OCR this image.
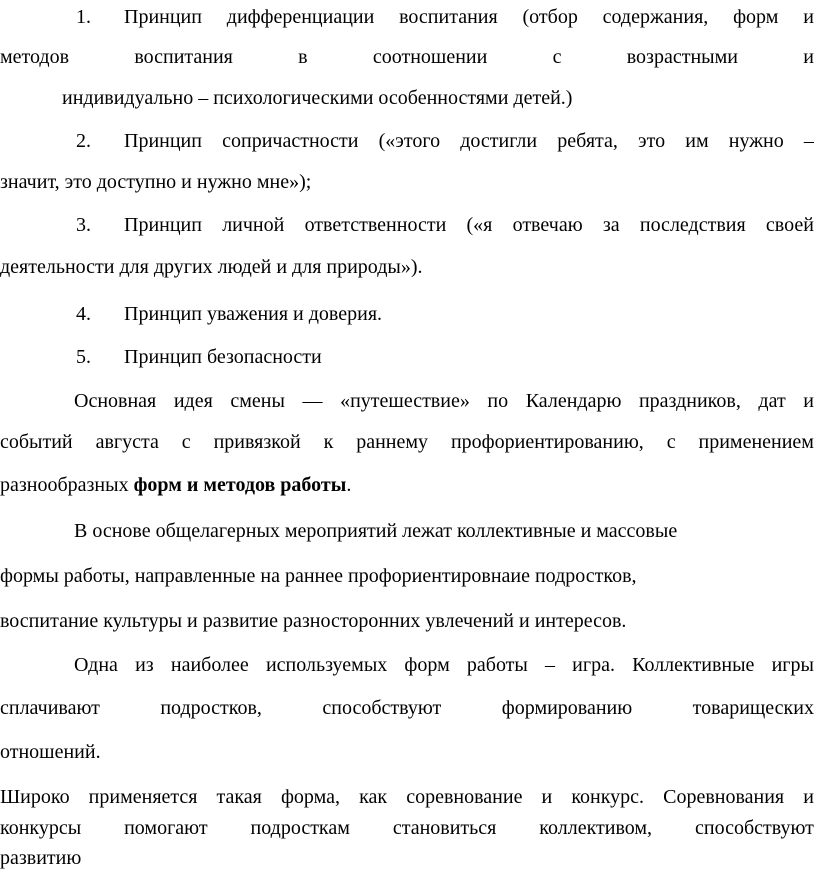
1. Принцип дифференциации воспитания (отбор содержания, форм и
методов	воспитания	в	соотношении	с	возрастными	и
индивидуально – психологическими особенностями детей.)
2. Принцип сопричастности («этого достигли ребята, это им нужно –
значит, это доступно и нужно мне»);
3. Принцип личной ответственности («я отвечаю за последствия своей
деятельности для других людей и для природы»).
4. Принцип уважения и доверия.
5. Принцип безопасности
Основная идея смены — «путешествие» по Календарю праздников, дат и
событий августа с привязкой к раннему профориентированию, с применением
разнообразных форм и методов работы.
В основе общелагерных мероприятий лежат коллективные и массовые
формы работы, направленные на раннее профориентировнаие подростков,
воспитание культуры и развитие разносторонних увлечений и интересов.
Одна из наиболее используемых форм работы – игра. Коллективные игры
сплачивают	подростков,	способствуют	формированию	товарищеских
отношений.
Широко применяется такая форма, как соревнование и конкурс. Соревнования и
конкурсы помогают подросткам становиться коллективом, способствуют
развитию
